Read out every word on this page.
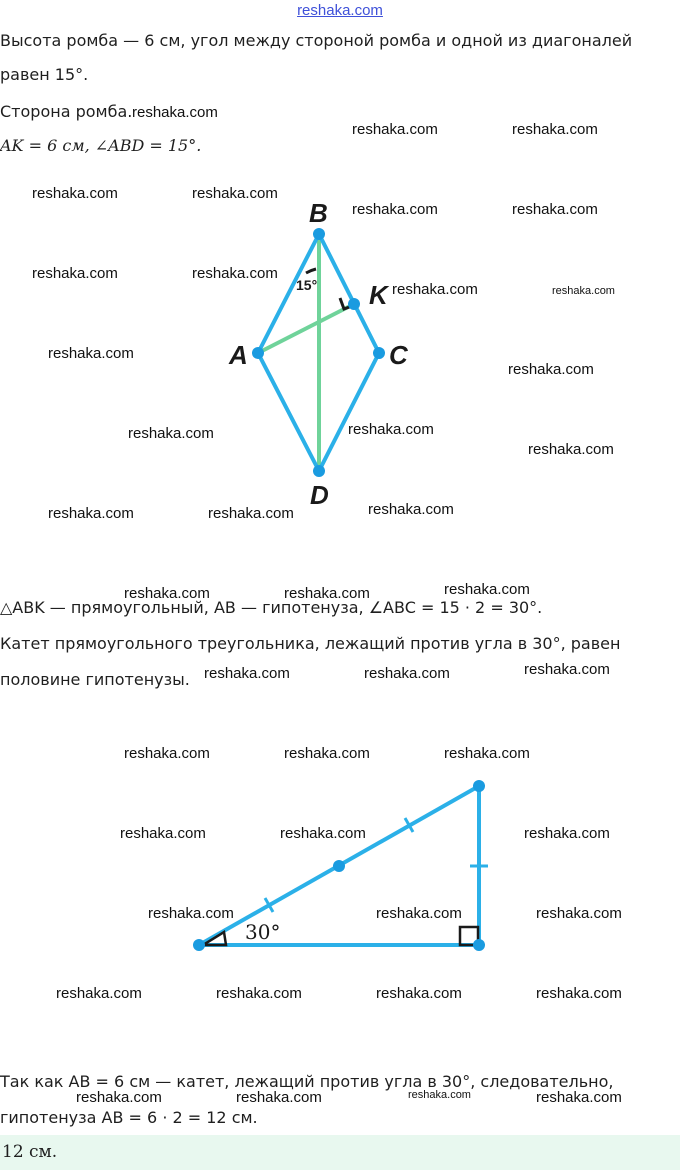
reshaka.com
Высота ромба — 6 см, угол между стороной ромба и одной из диагоналей
равен 15°.
Сторона ромба.
AK = 6 см, ∠ABD = 15°.
B
K
A	C
D
15°
△ABK — прямоугольный, AB — гипотенуза, ∠ABC = 15 · 2 = 30°.
Катет прямоугольного треугольника, лежащий против угла в 30°, равен
половине гипотенузы.
30°
Так как AB = 6 см — катет, лежащий против угла в 30°, следовательно,
гипотенуза AB = 6 · 2 = 12 см.
12 см.
reshaka.com
reshaka.com	reshaka.com
reshaka.com	reshaka.com
reshaka.com	reshaka.com
reshaka.com	reshaka.com
reshaka.com	reshaka.com
reshaka.com
reshaka.com
reshaka.com
reshaka.com
reshaka.com
reshaka.com
reshaka.com	reshaka.com
reshaka.com
reshaka.com	reshaka.com
reshaka.com
reshaka.com	reshaka.com
reshaka.com	reshaka.com	reshaka.com
reshaka.com	reshaka.com	reshaka.com
reshaka.com	reshaka.com	reshaka.com
reshaka.com	reshaka.com	reshaka.com	reshaka.com
reshaka.com	reshaka.com	reshaka.com	reshaka.com
